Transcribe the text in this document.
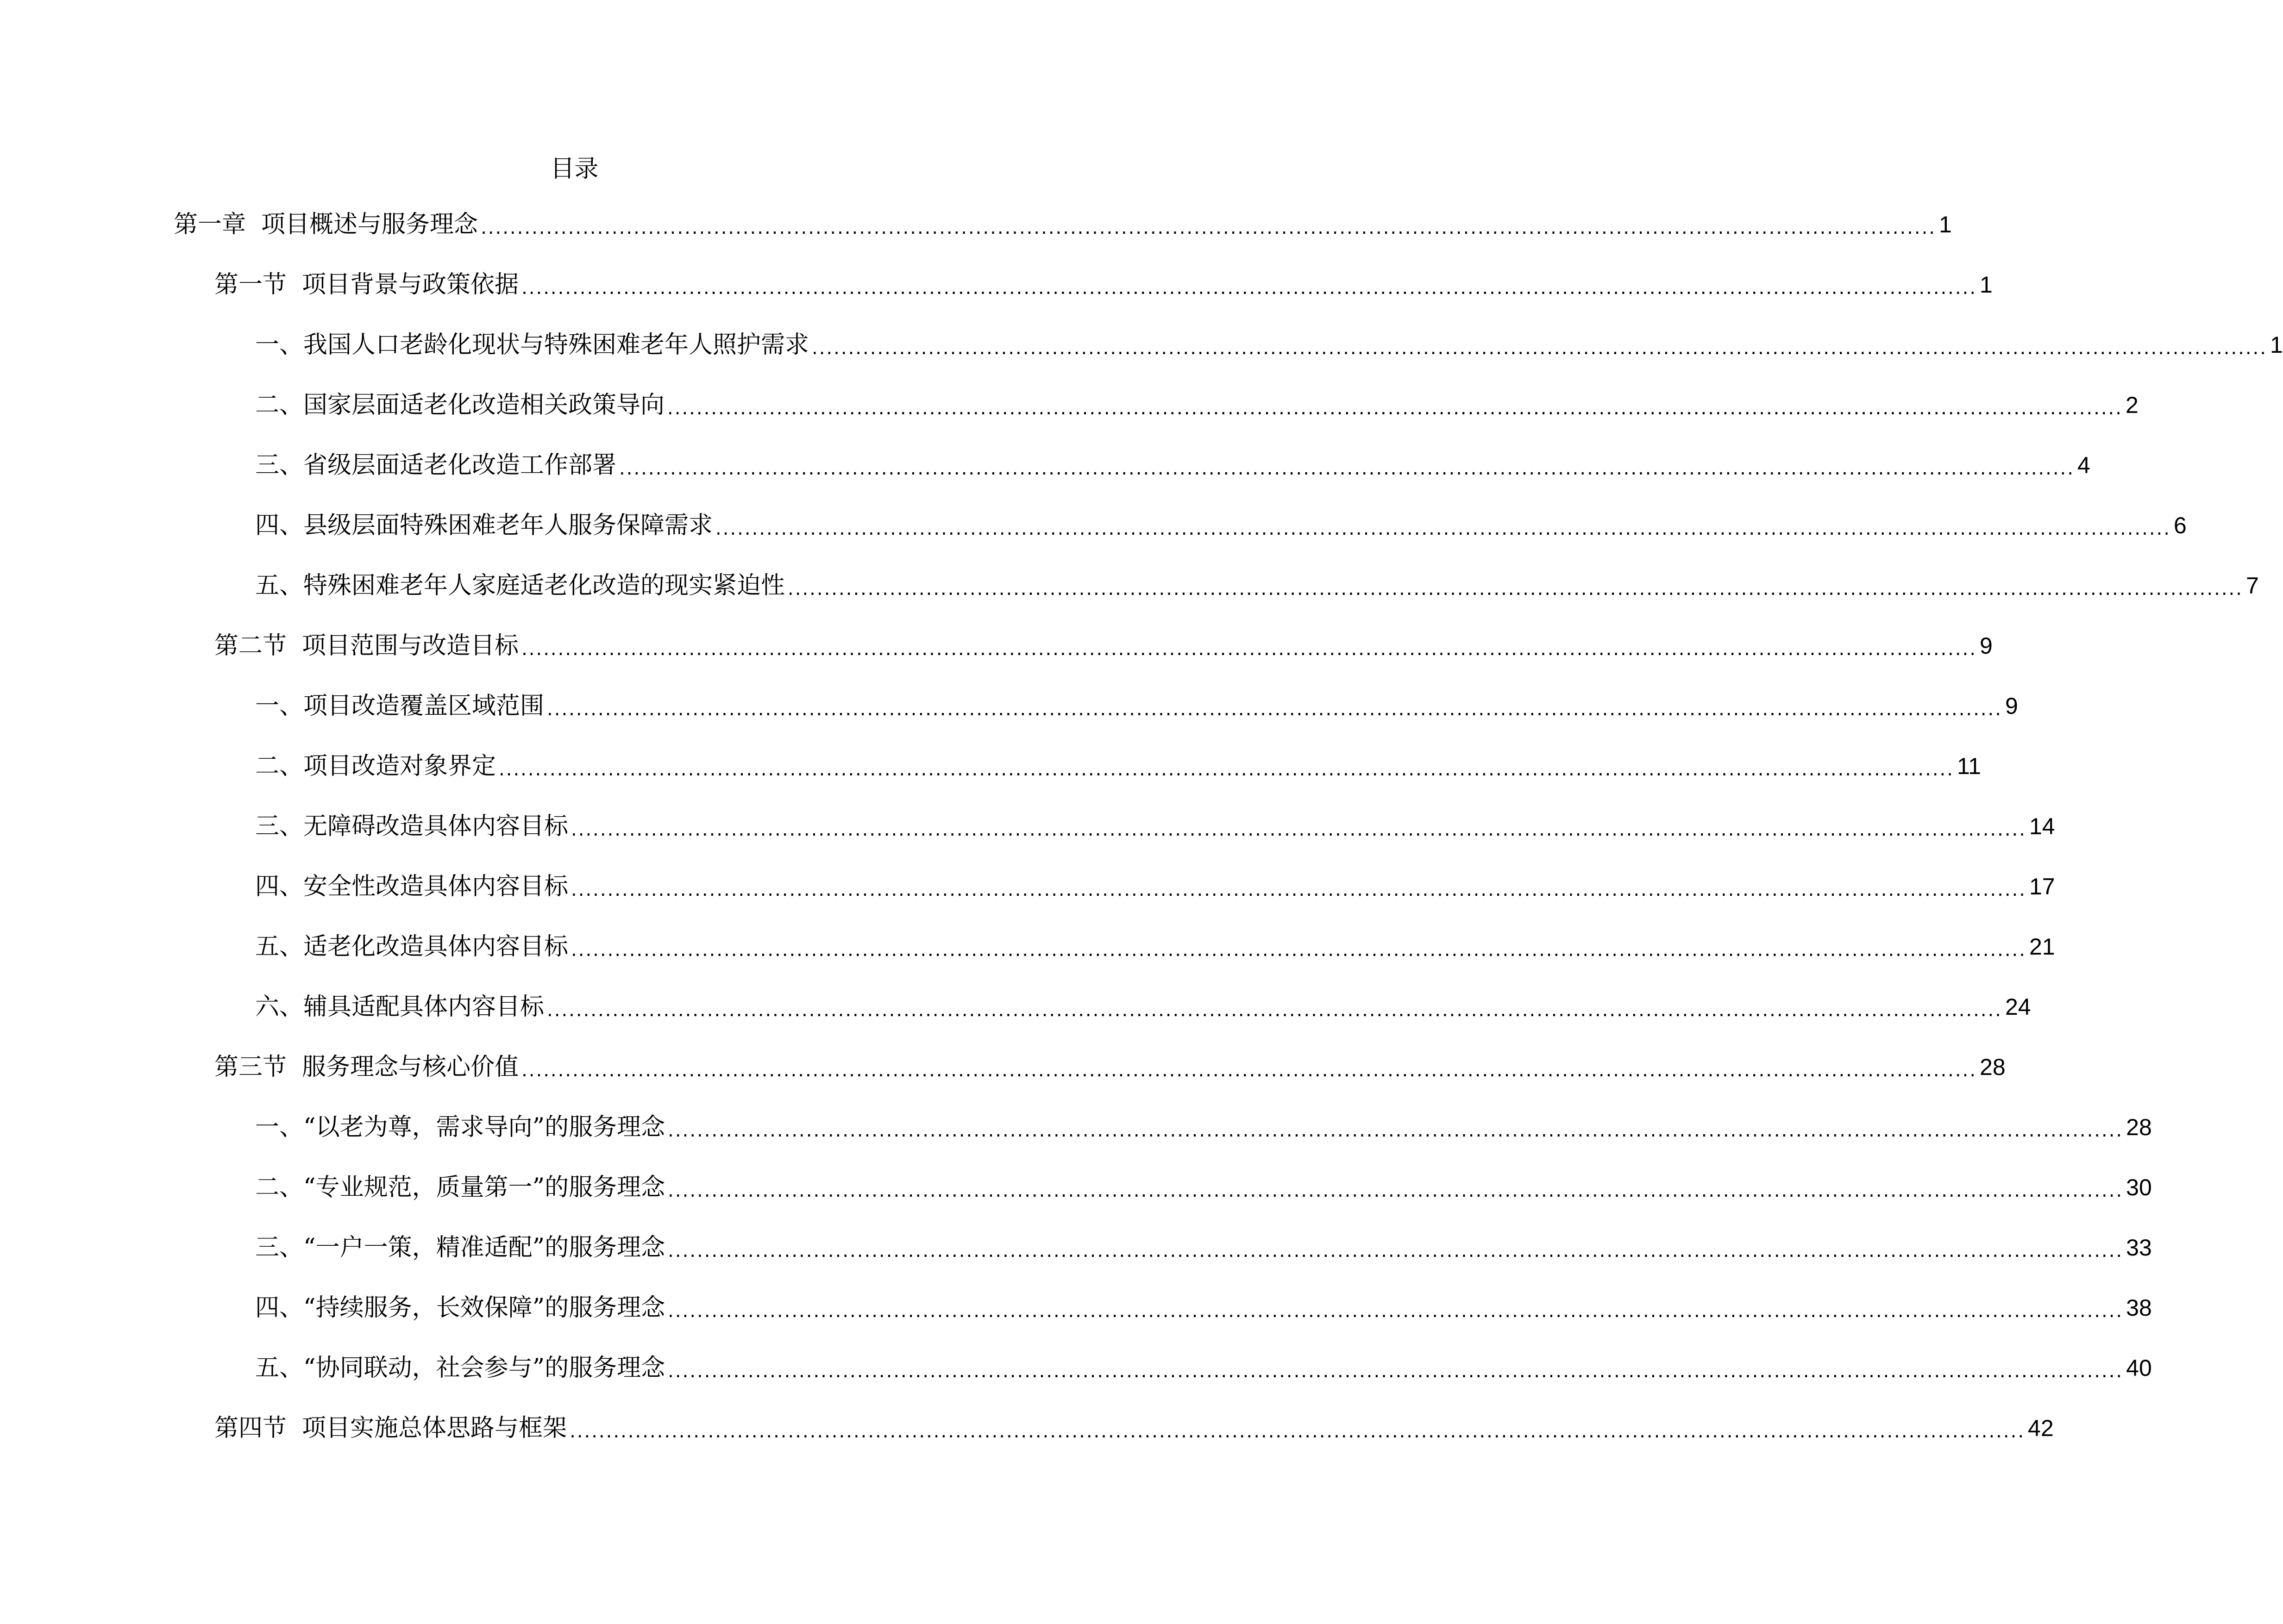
目录
第一章  项目概述与服务理念 ........................................................................................................................................................................................................ 1
第一节  项目背景与政策依据 ........................................................................................................................................................................................................ 1
一、我国人口老龄化现状与特殊困难老年人照护需求 ........................................................................................................................................................................................................ 1
二、国家层面适老化改造相关政策导向 ........................................................................................................................................................................................................ 2
三、省级层面适老化改造工作部署 ........................................................................................................................................................................................................ 4
四、县级层面特殊困难老年人服务保障需求 ........................................................................................................................................................................................................ 6
五、特殊困难老年人家庭适老化改造的现实紧迫性 ........................................................................................................................................................................................................ 7
第二节  项目范围与改造目标 ........................................................................................................................................................................................................ 9
一、项目改造覆盖区域范围 ........................................................................................................................................................................................................ 9
二、项目改造对象界定 ........................................................................................................................................................................................................ 11
三、无障碍改造具体内容目标 ........................................................................................................................................................................................................ 14
四、安全性改造具体内容目标 ........................................................................................................................................................................................................ 17
五、适老化改造具体内容目标 ........................................................................................................................................................................................................ 21
六、辅具适配具体内容目标 ........................................................................................................................................................................................................ 24
第三节  服务理念与核心价值 ........................................................................................................................................................................................................ 28
一、“以老为尊，需求导向”的服务理念 ........................................................................................................................................................................................................ 28
二、“专业规范，质量第一”的服务理念 ........................................................................................................................................................................................................ 30
三、“一户一策，精准适配”的服务理念 ........................................................................................................................................................................................................ 33
四、“持续服务，长效保障”的服务理念 ........................................................................................................................................................................................................ 38
五、“协同联动，社会参与”的服务理念 ........................................................................................................................................................................................................ 40
第四节  项目实施总体思路与框架 ........................................................................................................................................................................................................ 42
